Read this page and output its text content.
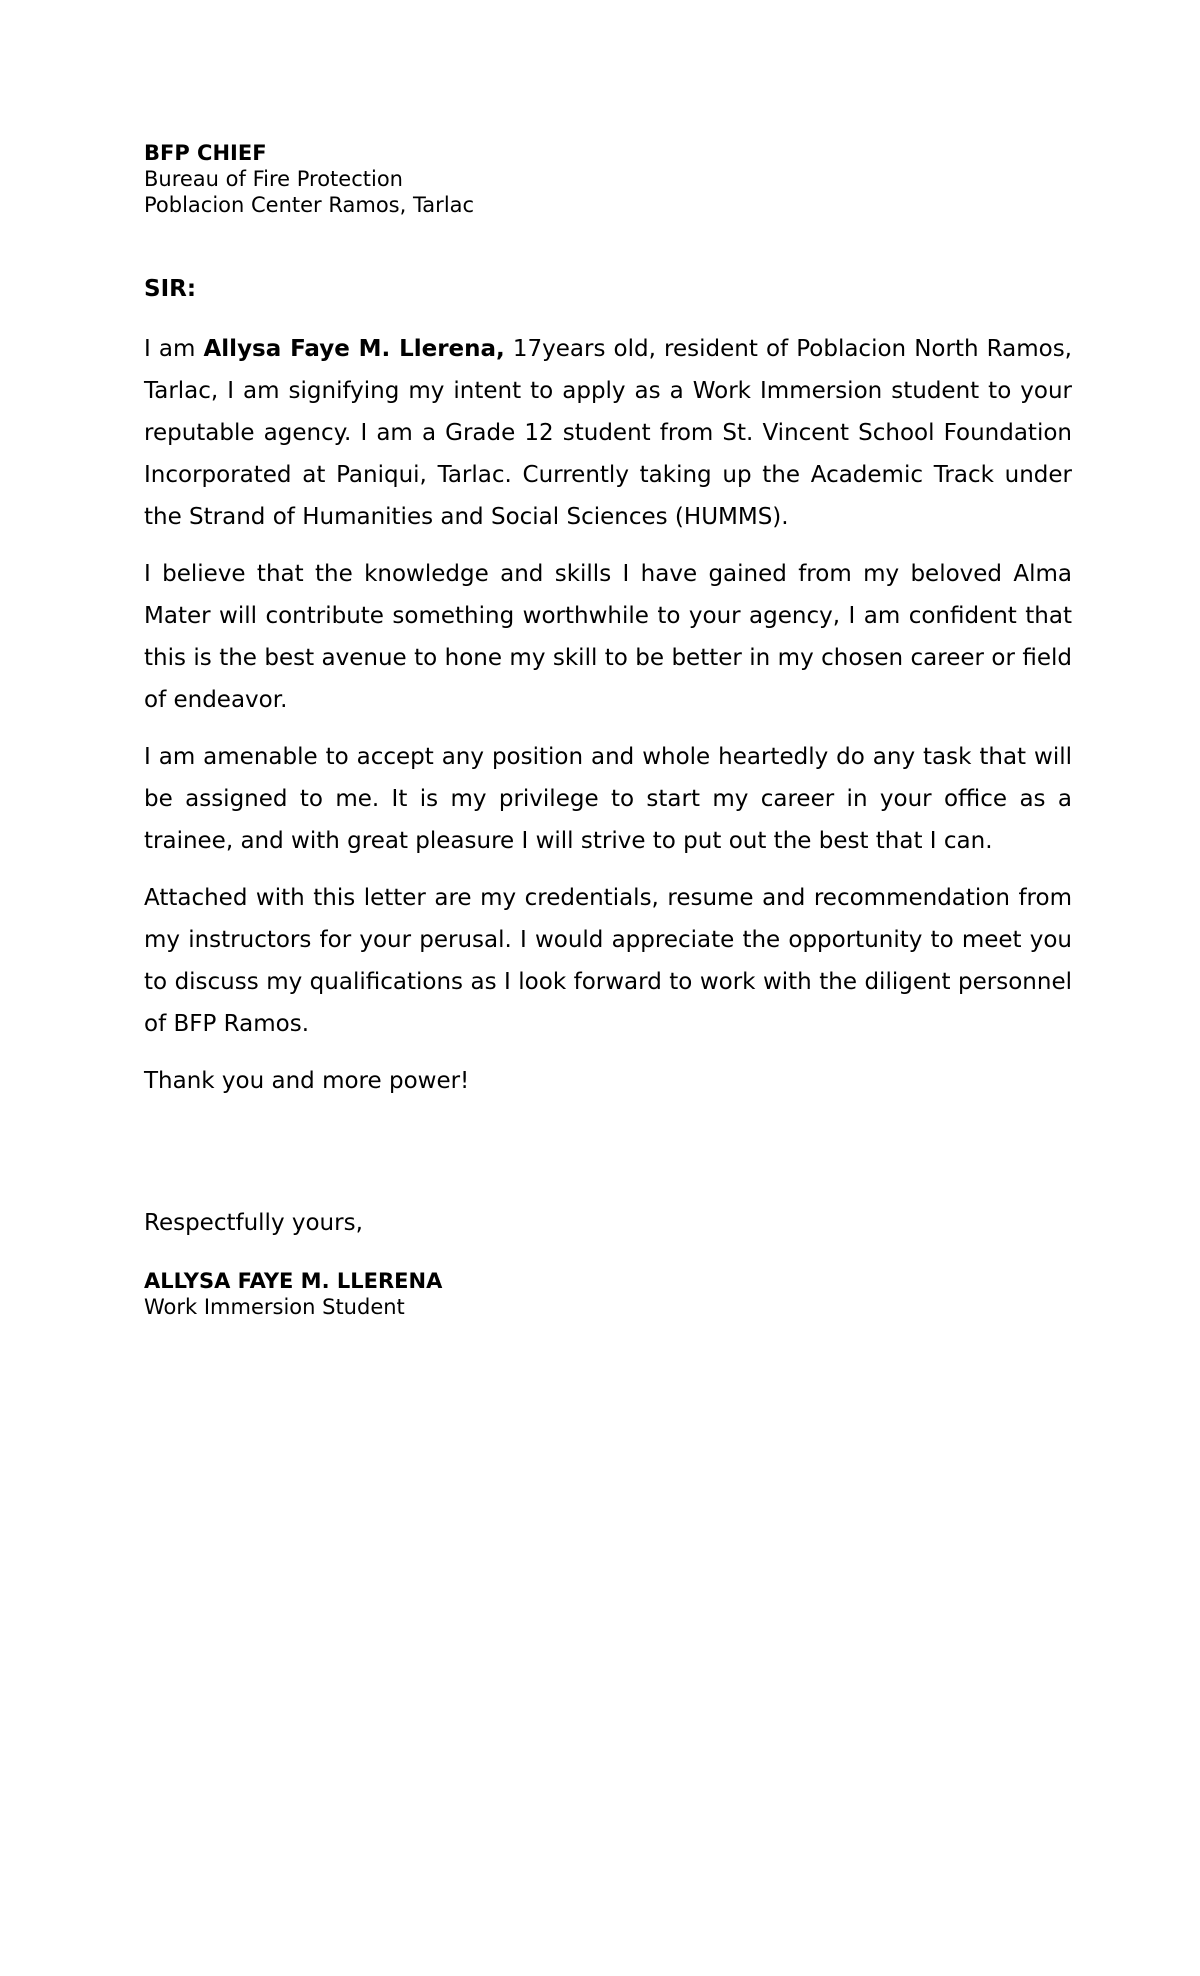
BFP CHIEF

Bureau of Fire Protection

Poblacion Center Ramos, Tarlac

SIR:

I am Allysa Faye M. Llerena, 17years old, resident of Poblacion North Ramos, Tarlac, I am signifying my intent to apply as a Work Immersion student to your reputable agency. I am a Grade 12 student from St. Vincent School Foundation Incorporated at Paniqui, Tarlac. Currently taking up the Academic Track under the Strand of Humanities and Social Sciences (HUMMS).

I believe that the knowledge and skills I have gained from my beloved Alma Mater will contribute something worthwhile to your agency, I am confident that this is the best avenue to hone my skill to be better in my chosen career or field of endeavor.

I am amenable to accept any position and whole heartedly do any task that will be assigned to me. It is my privilege to start my career in your office as a trainee, and with great pleasure I will strive to put out the best that I can.

Attached with this letter are my credentials, resume and recommendation from my instructors for your perusal. I would appreciate the opportunity to meet you to discuss my qualifications as I look forward to work with the diligent personnel of BFP Ramos.

Thank you and more power!

Respectfully yours,

ALLYSA FAYE M. LLERENA

Work Immersion Student
